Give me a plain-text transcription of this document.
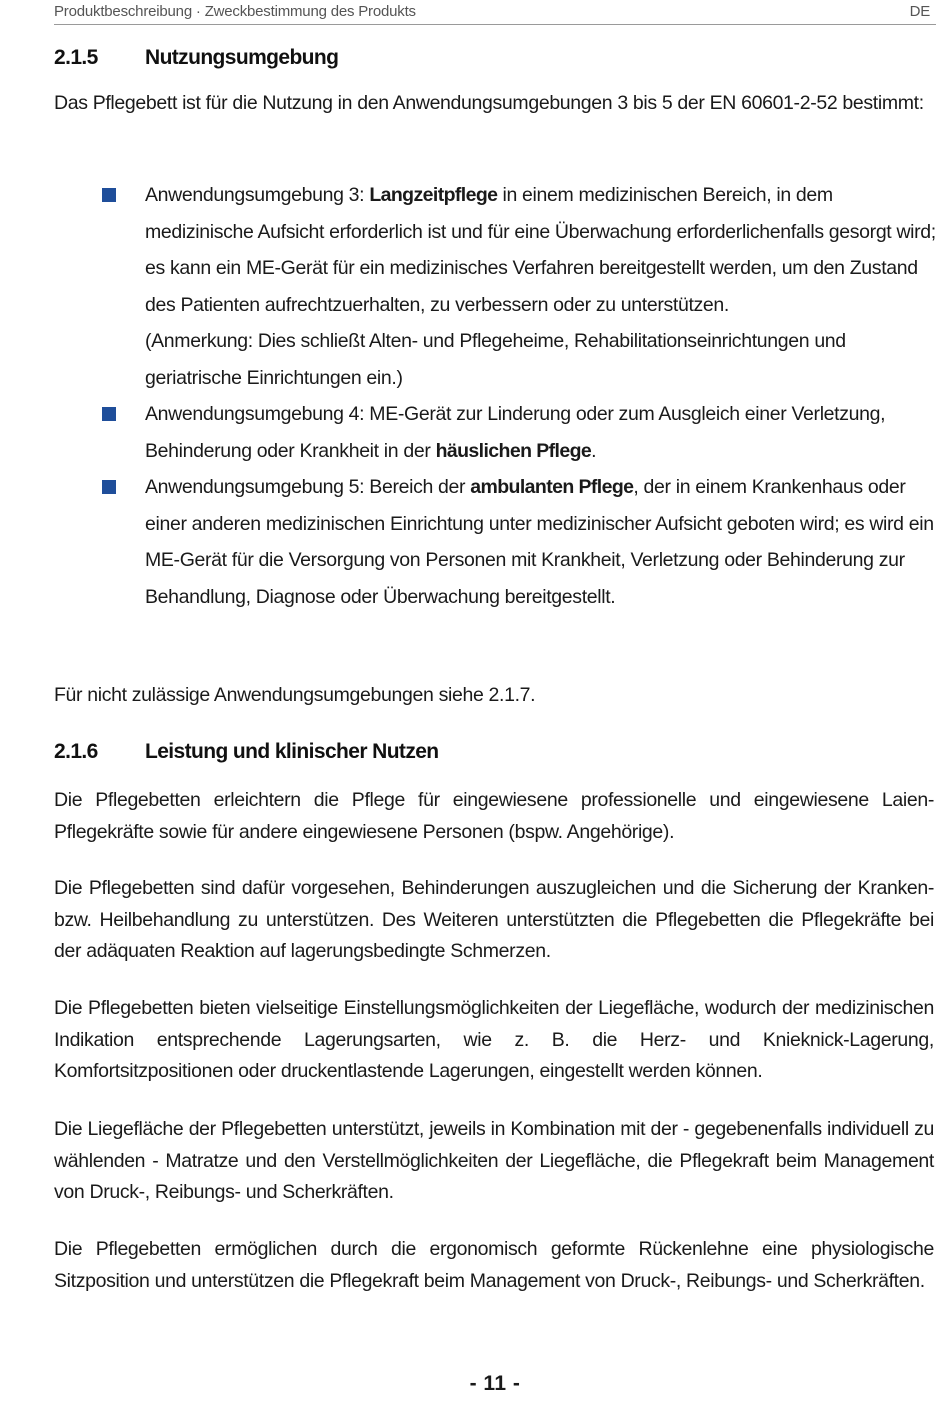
Produktbeschreibung · Zweckbestimmung des Produkts	DE
2.1.5 Nutzungsumgebung

Das Pflegebett ist für die Nutzung in den Anwendungsumgebungen 3 bis 5 der EN 60601-2-52 bestimmt:

Anwendungsumgebung 3: Langzeitpflege in einem medizinischen Bereich, in dem medizinische Aufsicht erforderlich ist und für eine Überwachung erforderlichenfalls gesorgt wird; es kann ein ME-Gerät für ein medizinisches Verfahren bereitgestellt werden, um den Zustand des Patienten aufrechtzuerhalten, zu verbessern oder zu unterstützen.
(Anmerkung: Dies schließt Alten- und Pflegeheime, Rehabilitationseinrichtungen und geriatrische Einrichtungen ein.)
Anwendungsumgebung 4: ME-Gerät zur Linderung oder zum Ausgleich einer Verletzung, Behinderung oder Krankheit in der häuslichen Pflege.
Anwendungsumgebung 5: Bereich der ambulanten Pflege, der in einem Krankenhaus oder einer anderen medizinischen Einrichtung unter medizinischer Aufsicht geboten wird; es wird ein ME-Gerät für die Versorgung von Personen mit Krankheit, Verletzung oder Behinderung zur Behandlung, Diagnose oder Überwachung bereitgestellt.

Für nicht zulässige Anwendungsumgebungen siehe 2.1.7.

2.1.6 Leistung und klinischer Nutzen

Die Pflegebetten erleichtern die Pflege für eingewiesene professionelle und eingewiesene Laien-Pflegekräfte sowie für andere eingewiesene Personen (bspw. Angehörige).

Die Pflegebetten sind dafür vorgesehen, Behinderungen auszugleichen und die Sicherung der Kranken- bzw. Heilbehandlung zu unterstützen. Des Weiteren unterstützten die Pflegebetten die Pflegekräfte bei der adäquaten Reaktion auf lagerungsbedingte Schmerzen.

Die Pflegebetten bieten vielseitige Einstellungsmöglichkeiten der Liegefläche, wodurch der medizinischen Indikation entsprechende Lagerungsarten, wie z. B. die Herz- und Knieknick-Lagerung, Komfortsitzpositionen oder druckentlastende Lagerungen, eingestellt werden können.

Die Liegefläche der Pflegebetten unterstützt, jeweils in Kombination mit der - gegebenenfalls individuell zu wählenden - Matratze und den Verstellmöglichkeiten der Liegefläche, die Pflegekraft beim Management von Druck-, Reibungs- und Scherkräften.

Die Pflegebetten ermöglichen durch die ergonomisch geformte Rückenlehne eine physiologische Sitzposition und unterstützen die Pflegekraft beim Management von Druck-, Reibungs- und Scherkräften.

- 11 -
